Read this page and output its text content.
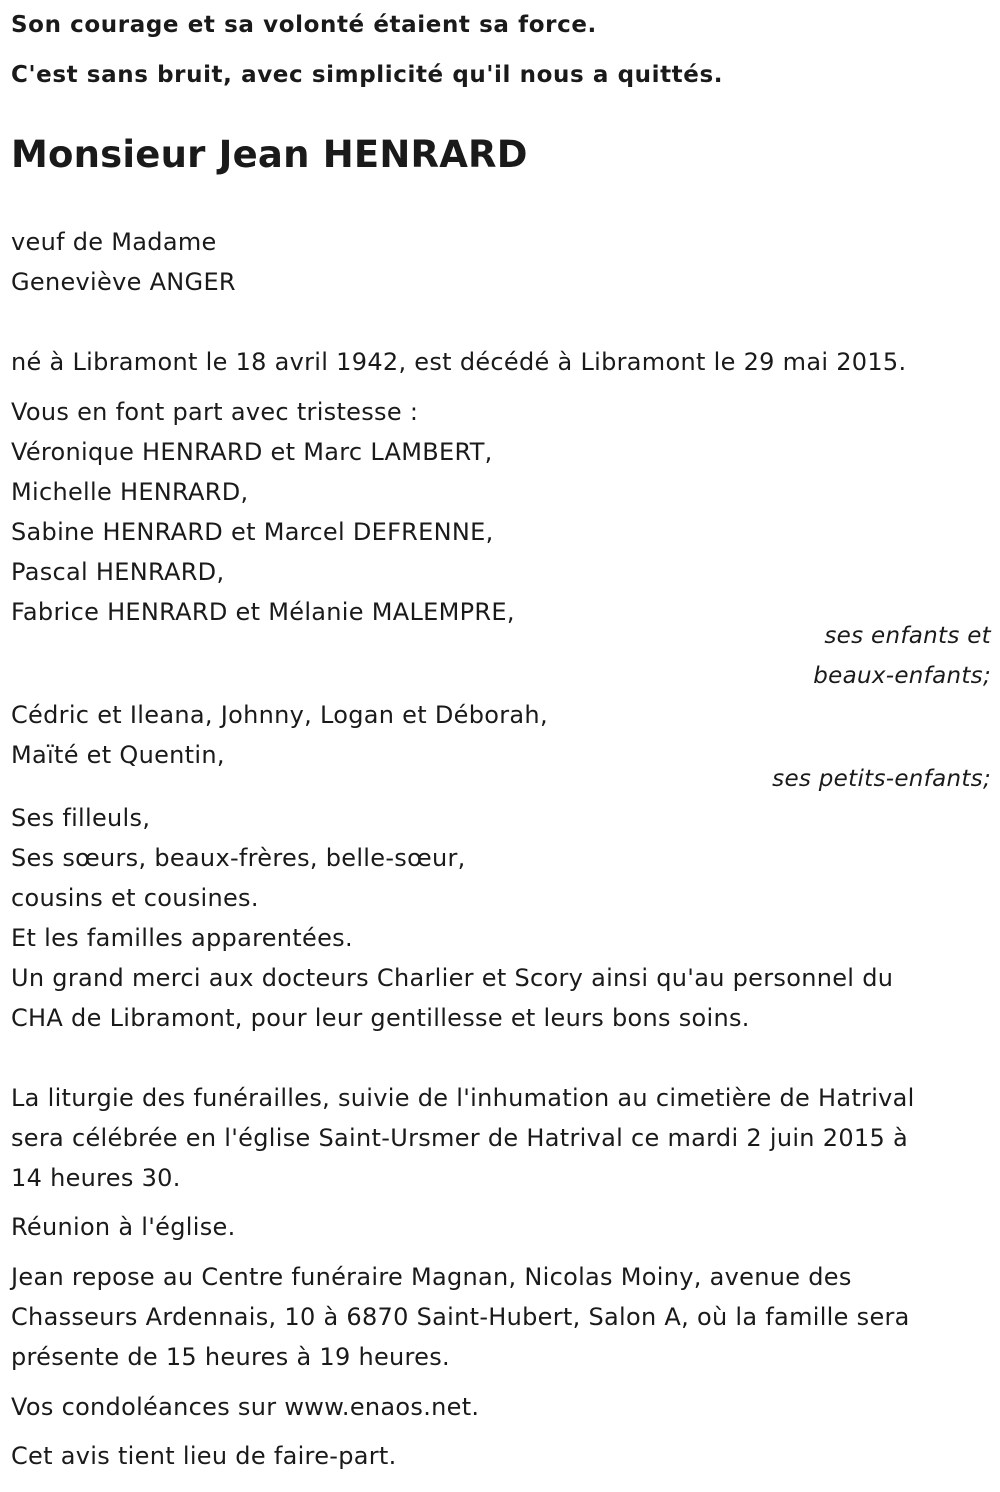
Son courage et sa volonté étaient sa force.

C'est sans bruit, avec simplicité qu'il nous a quittés.

Monsieur Jean HENRARD

veuf de Madame

Geneviève ANGER

né à Libramont le 18 avril 1942, est décédé à Libramont le 29 mai 2015.

Vous en font part avec tristesse :

Véronique HENRARD et Marc LAMBERT,

Michelle HENRARD,

Sabine HENRARD et Marcel DEFRENNE,

Pascal HENRARD,

Fabrice HENRARD et Mélanie MALEMPRE,

ses enfants et

beaux-enfants;

Cédric et Ileana, Johnny, Logan et Déborah,

Maïté et Quentin,

ses petits-enfants;

Ses filleuls,

Ses sœurs, beaux-frères, belle-sœur,

cousins et cousines.

Et les familles apparentées.

Un grand merci aux docteurs Charlier et Scory ainsi qu'au personnel du

CHA de Libramont, pour leur gentillesse et leurs bons soins.

La liturgie des funérailles, suivie de l'inhumation au cimetière de Hatrival

sera célébrée en l'église Saint-Ursmer de Hatrival ce mardi 2 juin 2015 à

14 heures 30.

Réunion à l'église.

Jean repose au Centre funéraire Magnan, Nicolas Moiny, avenue des

Chasseurs Ardennais, 10 à 6870 Saint-Hubert, Salon A, où la famille sera

présente de 15 heures à 19 heures.

Vos condoléances sur www.enaos.net.

Cet avis tient lieu de faire-part.
